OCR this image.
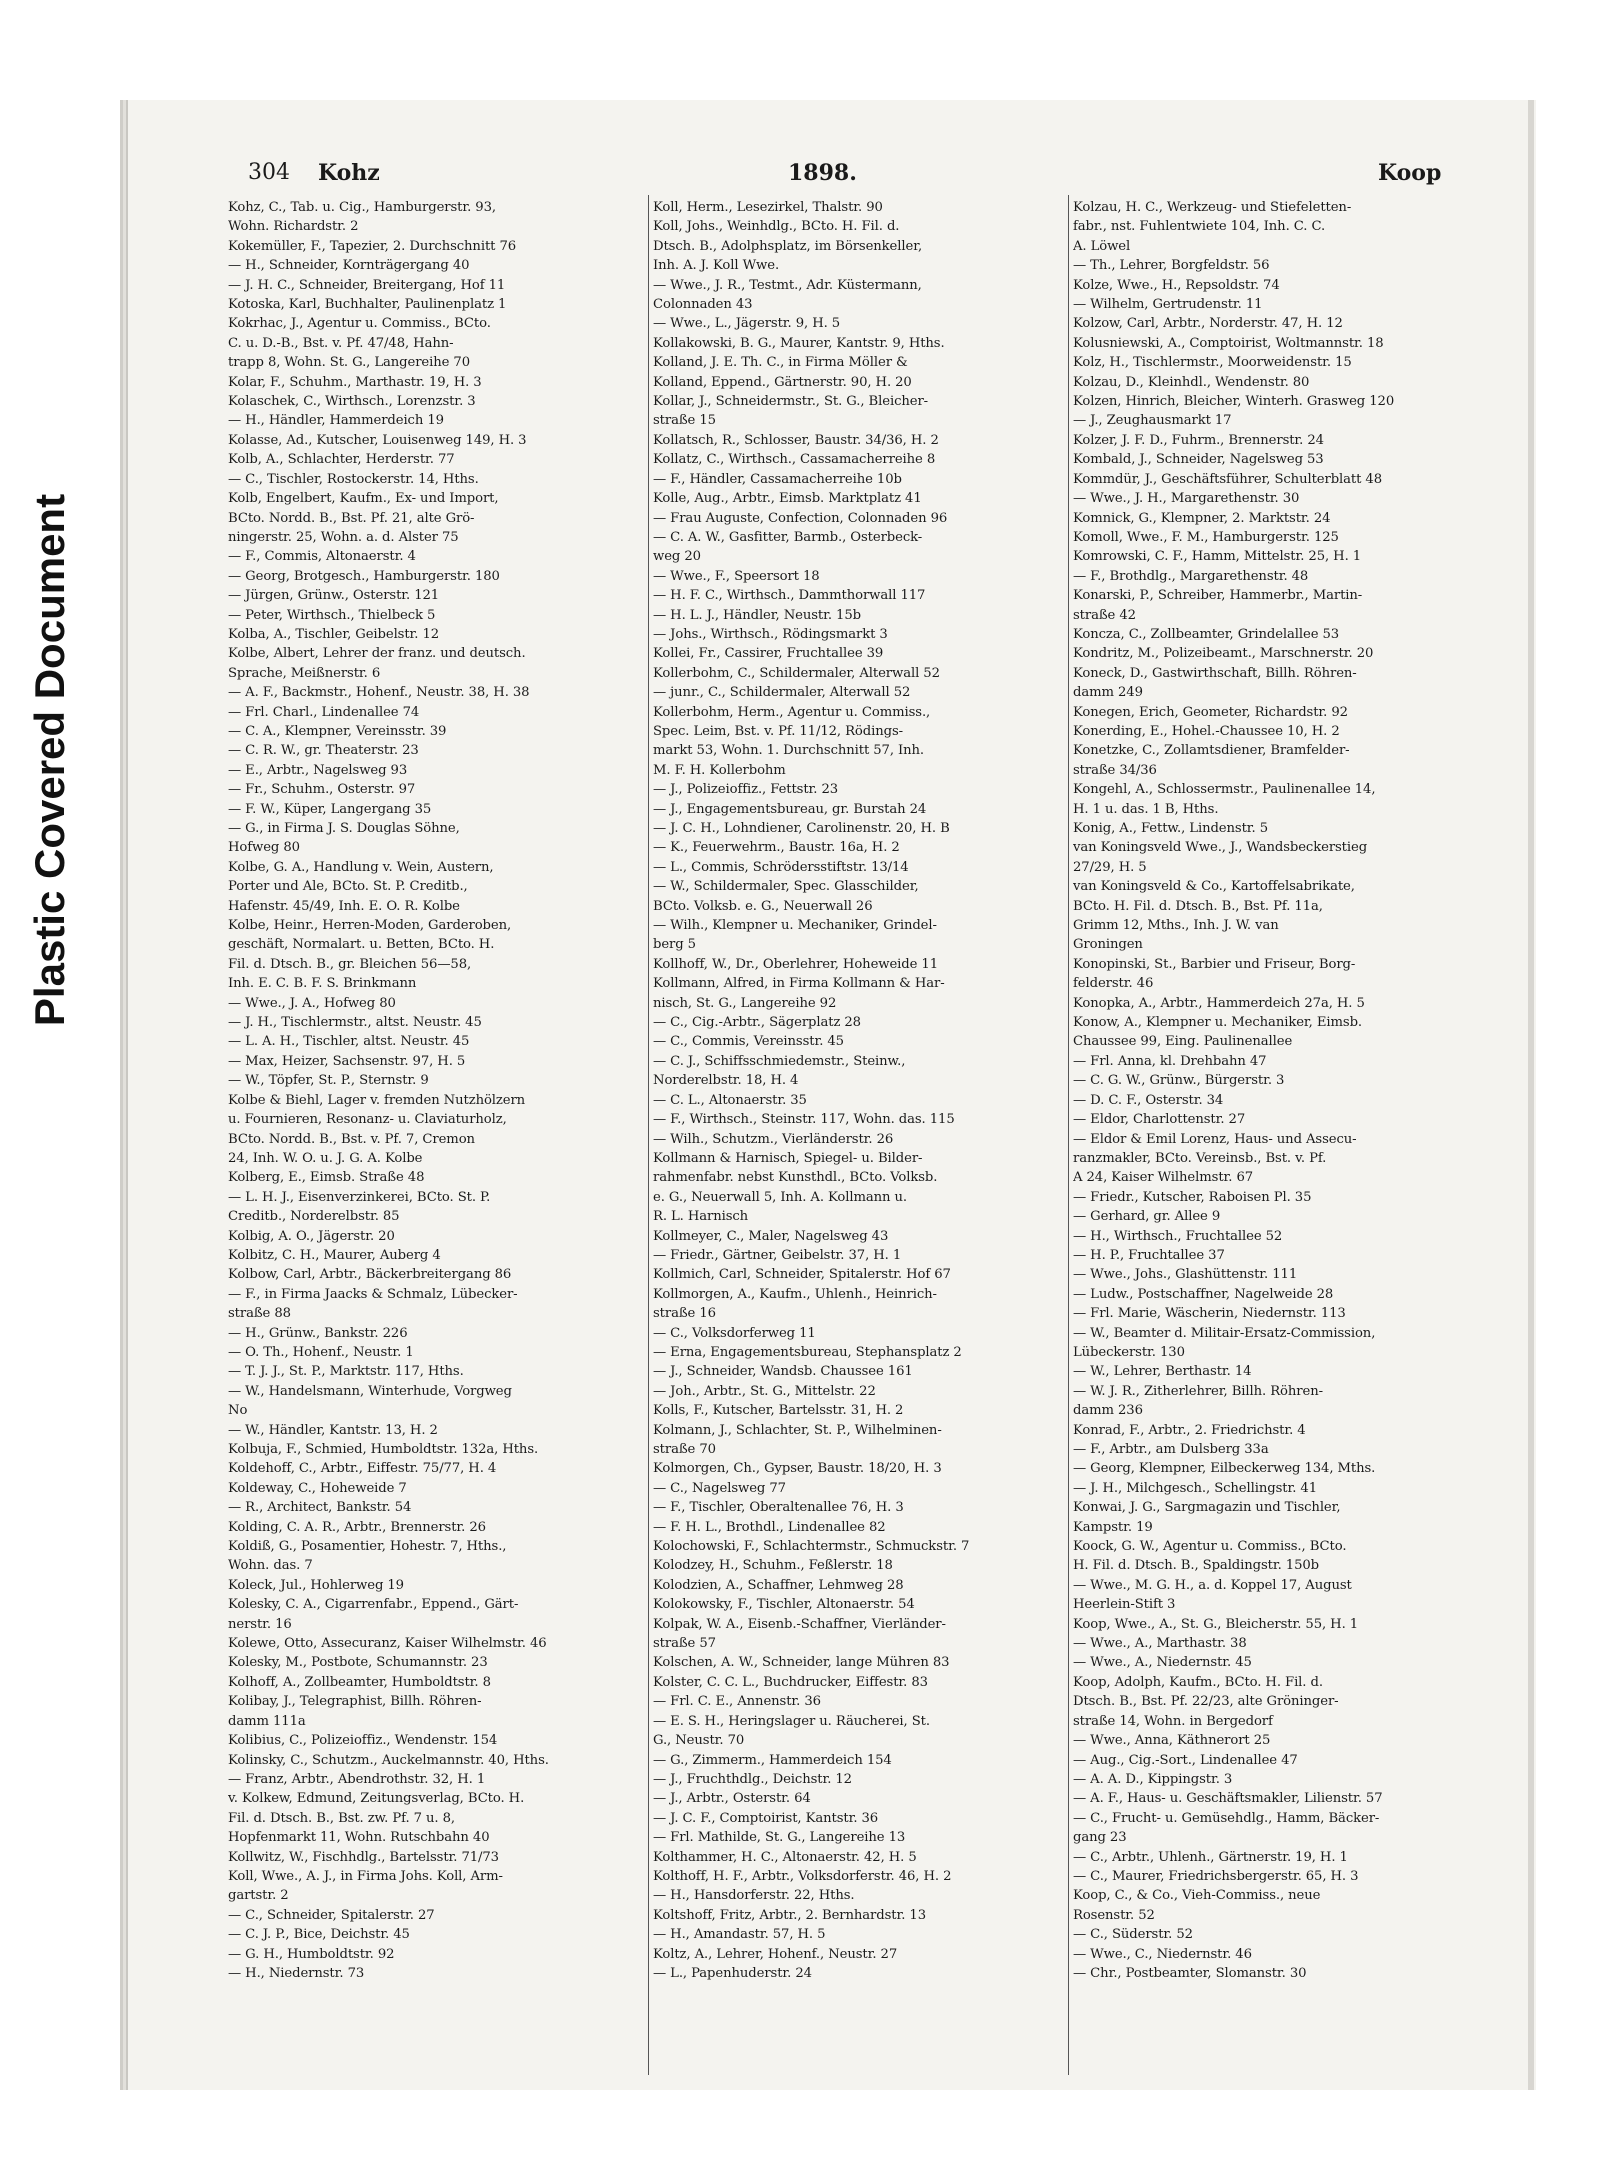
Plastic Covered Document
304 Kohz	1898.	Koop
Kohz, C., Tab. u. Cig., Hamburgerstr. 93,
Wohn. Richardstr. 2
Kokemüller, F., Tapezier, 2. Durchschnitt 76
— H., Schneider, Kornträgergang 40
— J. H. C., Schneider, Breitergang, Hof 11
Kotoska, Karl, Buchhalter, Paulinenplatz 1
Kokrhac, J., Agentur u. Commiss., BCto.
C. u. D.-B., Bst. v. Pf. 47/48, Hahn-
trapp 8, Wohn. St. G., Langereihe 70
Kolar, F., Schuhm., Marthastr. 19, H. 3
Kolaschek, C., Wirthsch., Lorenzstr. 3
— H., Händler, Hammerdeich 19
Kolasse, Ad., Kutscher, Louisenweg 149, H. 3
Kolb, A., Schlachter, Herderstr. 77
— C., Tischler, Rostockerstr. 14, Hths.
Kolb, Engelbert, Kaufm., Ex- und Import,
BCto. Nordd. B., Bst. Pf. 21, alte Grö-
ningerstr. 25, Wohn. a. d. Alster 75
— F., Commis, Altonaerstr. 4
— Georg, Brotgesch., Hamburgerstr. 180
— Jürgen, Grünw., Osterstr. 121
— Peter, Wirthsch., Thielbeck 5
Kolba, A., Tischler, Geibelstr. 12
Kolbe, Albert, Lehrer der franz. und deutsch.
Sprache, Meißnerstr. 6
— A. F., Backmstr., Hohenf., Neustr. 38, H. 38
— Frl. Charl., Lindenallee 74
— C. A., Klempner, Vereinsstr. 39
— C. R. W., gr. Theaterstr. 23
— E., Arbtr., Nagelsweg 93
— Fr., Schuhm., Osterstr. 97
— F. W., Küper, Langergang 35
— G., in Firma J. S. Douglas Söhne,
Hofweg 80
Kolbe, G. A., Handlung v. Wein, Austern,
Porter und Ale, BCto. St. P. Creditb.,
Hafenstr. 45/49, Inh. E. O. R. Kolbe
Kolbe, Heinr., Herren-Moden, Garderoben,
geschäft, Normalart. u. Betten, BCto. H.
Fil. d. Dtsch. B., gr. Bleichen 56—58,
Inh. E. C. B. F. S. Brinkmann
— Wwe., J. A., Hofweg 80
— J. H., Tischlermstr., altst. Neustr. 45
— L. A. H., Tischler, altst. Neustr. 45
— Max, Heizer, Sachsenstr. 97, H. 5
— W., Töpfer, St. P., Sternstr. 9
Kolbe & Biehl, Lager v. fremden Nutzhölzern
u. Fournieren, Resonanz- u. Claviaturholz,
BCto. Nordd. B., Bst. v. Pf. 7, Cremon
24, Inh. W. O. u. J. G. A. Kolbe
Kolberg, E., Eimsb. Straße 48
— L. H. J., Eisenverzinkerei, BCto. St. P.
Creditb., Norderelbstr. 85
Kolbig, A. O., Jägerstr. 20
Kolbitz, C. H., Maurer, Auberg 4
Kolbow, Carl, Arbtr., Bäckerbreitergang 86
— F., in Firma Jaacks & Schmalz, Lübecker-
straße 88
— H., Grünw., Bankstr. 226
— O. Th., Hohenf., Neustr. 1
— T. J. J., St. P., Marktstr. 117, Hths.
— W., Handelsmann, Winterhude, Vorgweg
No
— W., Händler, Kantstr. 13, H. 2
Kolbuja, F., Schmied, Humboldtstr. 132a, Hths.
Koldehoff, C., Arbtr., Eiffestr. 75/77, H. 4
Koldeway, C., Hoheweide 7
— R., Architect, Bankstr. 54
Kolding, C. A. R., Arbtr., Brennerstr. 26
Koldiß, G., Posamentier, Hohestr. 7, Hths.,
Wohn. das. 7
Koleck, Jul., Hohlerweg 19
Kolesky, C. A., Cigarrenfabr., Eppend., Gärt-
nerstr. 16
Kolewe, Otto, Assecuranz, Kaiser Wilhelmstr. 46
Kolesky, M., Postbote, Schumannstr. 23
Kolhoff, A., Zollbeamter, Humboldtstr. 8
Kolibay, J., Telegraphist, Billh. Röhren-
damm 111a
Kolibius, C., Polizeioffiz., Wendenstr. 154
Kolinsky, C., Schutzm., Auckelmannstr. 40, Hths.
— Franz, Arbtr., Abendrothstr. 32, H. 1
v. Kolkew, Edmund, Zeitungsverlag, BCto. H.
Fil. d. Dtsch. B., Bst. zw. Pf. 7 u. 8,
Hopfenmarkt 11, Wohn. Rutschbahn 40
Kollwitz, W., Fischhdlg., Bartelsstr. 71/73
Koll, Wwe., A. J., in Firma Johs. Koll, Arm-
gartstr. 2
— C., Schneider, Spitalerstr. 27
— C. J. P., Bice, Deichstr. 45
— G. H., Humboldtstr. 92
— H., Niedernstr. 73
Koll, Herm., Lesezirkel, Thalstr. 90
Koll, Johs., Weinhdlg., BCto. H. Fil. d.
Dtsch. B., Adolphsplatz, im Börsenkeller,
Inh. A. J. Koll Wwe.
— Wwe., J. R., Testmt., Adr. Küstermann,
Colonnaden 43
— Wwe., L., Jägerstr. 9, H. 5
Kollakowski, B. G., Maurer, Kantstr. 9, Hths.
Kolland, J. E. Th. C., in Firma Möller &
Kolland, Eppend., Gärtnerstr. 90, H. 20
Kollar, J., Schneidermstr., St. G., Bleicher-
straße 15
Kollatsch, R., Schlosser, Baustr. 34/36, H. 2
Kollatz, C., Wirthsch., Cassamacherreihe 8
— F., Händler, Cassamacherreihe 10b
Kolle, Aug., Arbtr., Eimsb. Marktplatz 41
— Frau Auguste, Confection, Colonnaden 96
— C. A. W., Gasfitter, Barmb., Osterbeck-
weg 20
— Wwe., F., Speersort 18
— H. F. C., Wirthsch., Dammthorwall 117
— H. L. J., Händler, Neustr. 15b
— Johs., Wirthsch., Rödingsmarkt 3
Kollei, Fr., Cassirer, Fruchtallee 39
Kollerbohm, C., Schildermaler, Alterwall 52
— junr., C., Schildermaler, Alterwall 52
Kollerbohm, Herm., Agentur u. Commiss.,
Spec. Leim, Bst. v. Pf. 11/12, Rödings-
markt 53, Wohn. 1. Durchschnitt 57, Inh.
M. F. H. Kollerbohm
— J., Polizeioffiz., Fettstr. 23
— J., Engagementsbureau, gr. Burstah 24
— J. C. H., Lohndiener, Carolinenstr. 20, H. B
— K., Feuerwehrm., Baustr. 16a, H. 2
— L., Commis, Schrödersstiftstr. 13/14
— W., Schildermaler, Spec. Glasschilder,
BCto. Volksb. e. G., Neuerwall 26
— Wilh., Klempner u. Mechaniker, Grindel-
berg 5
Kollhoff, W., Dr., Oberlehrer, Hoheweide 11
Kollmann, Alfred, in Firma Kollmann & Har-
nisch, St. G., Langereihe 92
— C., Cig.-Arbtr., Sägerplatz 28
— C., Commis, Vereinsstr. 45
— C. J., Schiffsschmiedemstr., Steinw.,
Norderelbstr. 18, H. 4
— C. L., Altonaerstr. 35
— F., Wirthsch., Steinstr. 117, Wohn. das. 115
— Wilh., Schutzm., Vierländerstr. 26
Kollmann & Harnisch, Spiegel- u. Bilder-
rahmenfabr. nebst Kunsthdl., BCto. Volksb.
e. G., Neuerwall 5, Inh. A. Kollmann u.
R. L. Harnisch
Kollmeyer, C., Maler, Nagelsweg 43
— Friedr., Gärtner, Geibelstr. 37, H. 1
Kollmich, Carl, Schneider, Spitalerstr. Hof 67
Kollmorgen, A., Kaufm., Uhlenh., Heinrich-
straße 16
— C., Volksdorferweg 11
— Erna, Engagementsbureau, Stephansplatz 2
— J., Schneider, Wandsb. Chaussee 161
— Joh., Arbtr., St. G., Mittelstr. 22
Kolls, F., Kutscher, Bartelsstr. 31, H. 2
Kolmann, J., Schlachter, St. P., Wilhelminen-
straße 70
Kolmorgen, Ch., Gypser, Baustr. 18/20, H. 3
— C., Nagelsweg 77
— F., Tischler, Oberaltenallee 76, H. 3
— F. H. L., Brothdl., Lindenallee 82
Kolochowski, F., Schlachtermstr., Schmuckstr. 7
Kolodzey, H., Schuhm., Feßlerstr. 18
Kolodzien, A., Schaffner, Lehmweg 28
Kolokowsky, F., Tischler, Altonaerstr. 54
Kolpak, W. A., Eisenb.-Schaffner, Vierländer-
straße 57
Kolschen, A. W., Schneider, lange Mühren 83
Kolster, C. C. L., Buchdrucker, Eiffestr. 83
— Frl. C. E., Annenstr. 36
— E. S. H., Heringslager u. Räucherei, St.
G., Neustr. 70
— G., Zimmerm., Hammerdeich 154
— J., Fruchthdlg., Deichstr. 12
— J., Arbtr., Osterstr. 64
— J. C. F., Comptoirist, Kantstr. 36
— Frl. Mathilde, St. G., Langereihe 13
Kolthammer, H. C., Altonaerstr. 42, H. 5
Kolthoff, H. F., Arbtr., Volksdorferstr. 46, H. 2
— H., Hansdorferstr. 22, Hths.
Koltshoff, Fritz, Arbtr., 2. Bernhardstr. 13
— H., Amandastr. 57, H. 5
Koltz, A., Lehrer, Hohenf., Neustr. 27
— L., Papenhuderstr. 24
Kolzau, H. C., Werkzeug- und Stiefeletten-
fabr., nst. Fuhlentwiete 104, Inh. C. C.
A. Löwel
— Th., Lehrer, Borgfeldstr. 56
Kolze, Wwe., H., Repsoldstr. 74
— Wilhelm, Gertrudenstr. 11
Kolzow, Carl, Arbtr., Norderstr. 47, H. 12
Kolusniewski, A., Comptoirist, Woltmannstr. 18
Kolz, H., Tischlermstr., Moorweidenstr. 15
Kolzau, D., Kleinhdl., Wendenstr. 80
Kolzen, Hinrich, Bleicher, Winterh. Grasweg 120
— J., Zeughausmarkt 17
Kolzer, J. F. D., Fuhrm., Brennerstr. 24
Kombald, J., Schneider, Nagelsweg 53
Kommdür, J., Geschäftsführer, Schulterblatt 48
— Wwe., J. H., Margarethenstr. 30
Komnick, G., Klempner, 2. Marktstr. 24
Komoll, Wwe., F. M., Hamburgerstr. 125
Komrowski, C. F., Hamm, Mittelstr. 25, H. 1
— F., Brothdlg., Margarethenstr. 48
Konarski, P., Schreiber, Hammerbr., Martin-
straße 42
Koncza, C., Zollbeamter, Grindelallee 53
Kondritz, M., Polizeibeamt., Marschnerstr. 20
Koneck, D., Gastwirthschaft, Billh. Röhren-
damm 249
Konegen, Erich, Geometer, Richardstr. 92
Konerding, E., Hohel.-Chaussee 10, H. 2
Konetzke, C., Zollamtsdiener, Bramfelder-
straße 34/36
Kongehl, A., Schlossermstr., Paulinenallee 14,
H. 1 u. das. 1 B, Hths.
Konig, A., Fettw., Lindenstr. 5
van Koningsveld Wwe., J., Wandsbeckerstieg
27/29, H. 5
van Koningsveld & Co., Kartoffelsabrikate,
BCto. H. Fil. d. Dtsch. B., Bst. Pf. 11a,
Grimm 12, Mths., Inh. J. W. van
Groningen
Konopinski, St., Barbier und Friseur, Borg-
felderstr. 46
Konopka, A., Arbtr., Hammerdeich 27a, H. 5
Konow, A., Klempner u. Mechaniker, Eimsb.
Chaussee 99, Eing. Paulinenallee
— Frl. Anna, kl. Drehbahn 47
— C. G. W., Grünw., Bürgerstr. 3
— D. C. F., Osterstr. 34
— Eldor, Charlottenstr. 27
— Eldor & Emil Lorenz, Haus- und Assecu-
ranzmakler, BCto. Vereinsb., Bst. v. Pf.
A 24, Kaiser Wilhelmstr. 67
— Friedr., Kutscher, Raboisen Pl. 35
— Gerhard, gr. Allee 9
— H., Wirthsch., Fruchtallee 52
— H. P., Fruchtallee 37
— Wwe., Johs., Glashüttenstr. 111
— Ludw., Postschaffner, Nagelweide 28
— Frl. Marie, Wäscherin, Niedernstr. 113
— W., Beamter d. Militair-Ersatz-Commission,
Lübeckerstr. 130
— W., Lehrer, Berthastr. 14
— W. J. R., Zitherlehrer, Billh. Röhren-
damm 236
Konrad, F., Arbtr., 2. Friedrichstr. 4
— F., Arbtr., am Dulsberg 33a
— Georg, Klempner, Eilbeckerweg 134, Mths.
— J. H., Milchgesch., Schellingstr. 41
Konwai, J. G., Sargmagazin und Tischler,
Kampstr. 19
Koock, G. W., Agentur u. Commiss., BCto.
H. Fil. d. Dtsch. B., Spaldingstr. 150b
— Wwe., M. G. H., a. d. Koppel 17, August
Heerlein-Stift 3
Koop, Wwe., A., St. G., Bleicherstr. 55, H. 1
— Wwe., A., Marthastr. 38
— Wwe., A., Niedernstr. 45
Koop, Adolph, Kaufm., BCto. H. Fil. d.
Dtsch. B., Bst. Pf. 22/23, alte Gröninger-
straße 14, Wohn. in Bergedorf
— Wwe., Anna, Käthnerort 25
— Aug., Cig.-Sort., Lindenallee 47
— A. A. D., Kippingstr. 3
— A. F., Haus- u. Geschäftsmakler, Lilienstr. 57
— C., Frucht- u. Gemüsehdlg., Hamm, Bäcker-
gang 23
— C., Arbtr., Uhlenh., Gärtnerstr. 19, H. 1
— C., Maurer, Friedrichsbergerstr. 65, H. 3
Koop, C., & Co., Vieh-Commiss., neue
Rosenstr. 52
— C., Süderstr. 52
— Wwe., C., Niedernstr. 46
— Chr., Postbeamter, Slomanstr. 30
